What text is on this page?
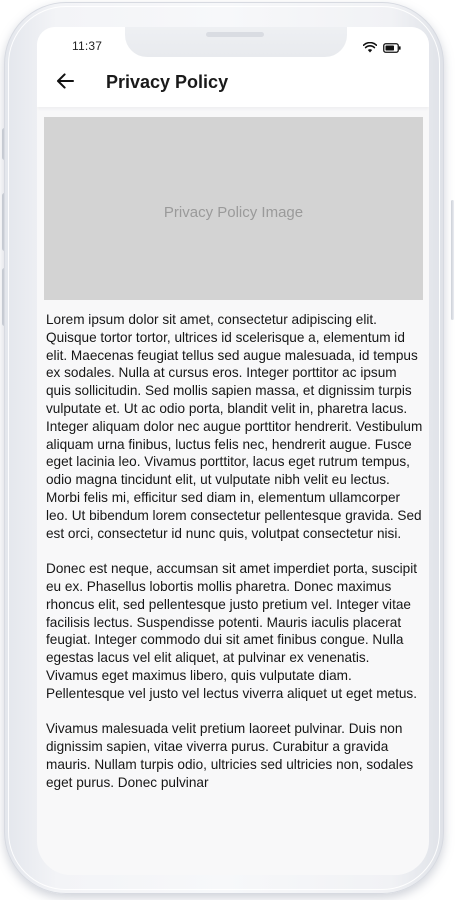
11:37
Privacy Policy
Privacy Policy Image

Lorem ipsum dolor sit amet, consectetur adipiscing elit. Quisque tortor tortor, ultrices id scelerisque a, elementum id elit. Maecenas feugiat tellus sed augue malesuada, id tempus ex sodales. Nulla at cursus eros. Integer porttitor ac ipsum quis sollicitudin. Sed mollis sapien massa, et dignissim turpis vulputate et. Ut ac odio porta, blandit velit in, pharetra lacus. Integer aliquam dolor nec augue porttitor hendrerit. Vestibulum aliquam urna finibus, luctus felis nec, hendrerit augue. Fusce eget lacinia leo. Vivamus porttitor, lacus eget rutrum tempus, odio magna tincidunt elit, ut vulputate nibh velit eu lectus. Morbi felis mi, efficitur sed diam in, elementum ullamcorper leo. Ut bibendum lorem consectetur pellentesque gravida. Sed est orci, consectetur id nunc quis, volutpat consectetur nisi.

Donec est neque, accumsan sit amet imperdiet porta, suscipit eu ex. Phasellus lobortis mollis pharetra. Donec maximus rhoncus elit, sed pellentesque justo pretium vel. Integer vitae facilisis lectus. Suspendisse potenti. Mauris iaculis placerat feugiat. Integer commodo dui sit amet finibus congue. Nulla egestas lacus vel elit aliquet, at pulvinar ex venenatis. Vivamus eget maximus libero, quis vulputate diam. Pellentesque vel justo vel lectus viverra aliquet ut eget metus.

Vivamus malesuada velit pretium laoreet pulvinar. Duis non dignissim sapien, vitae viverra purus. Curabitur a gravida mauris. Nullam turpis odio, ultricies sed ultricies non, sodales eget purus. Donec pulvinar
